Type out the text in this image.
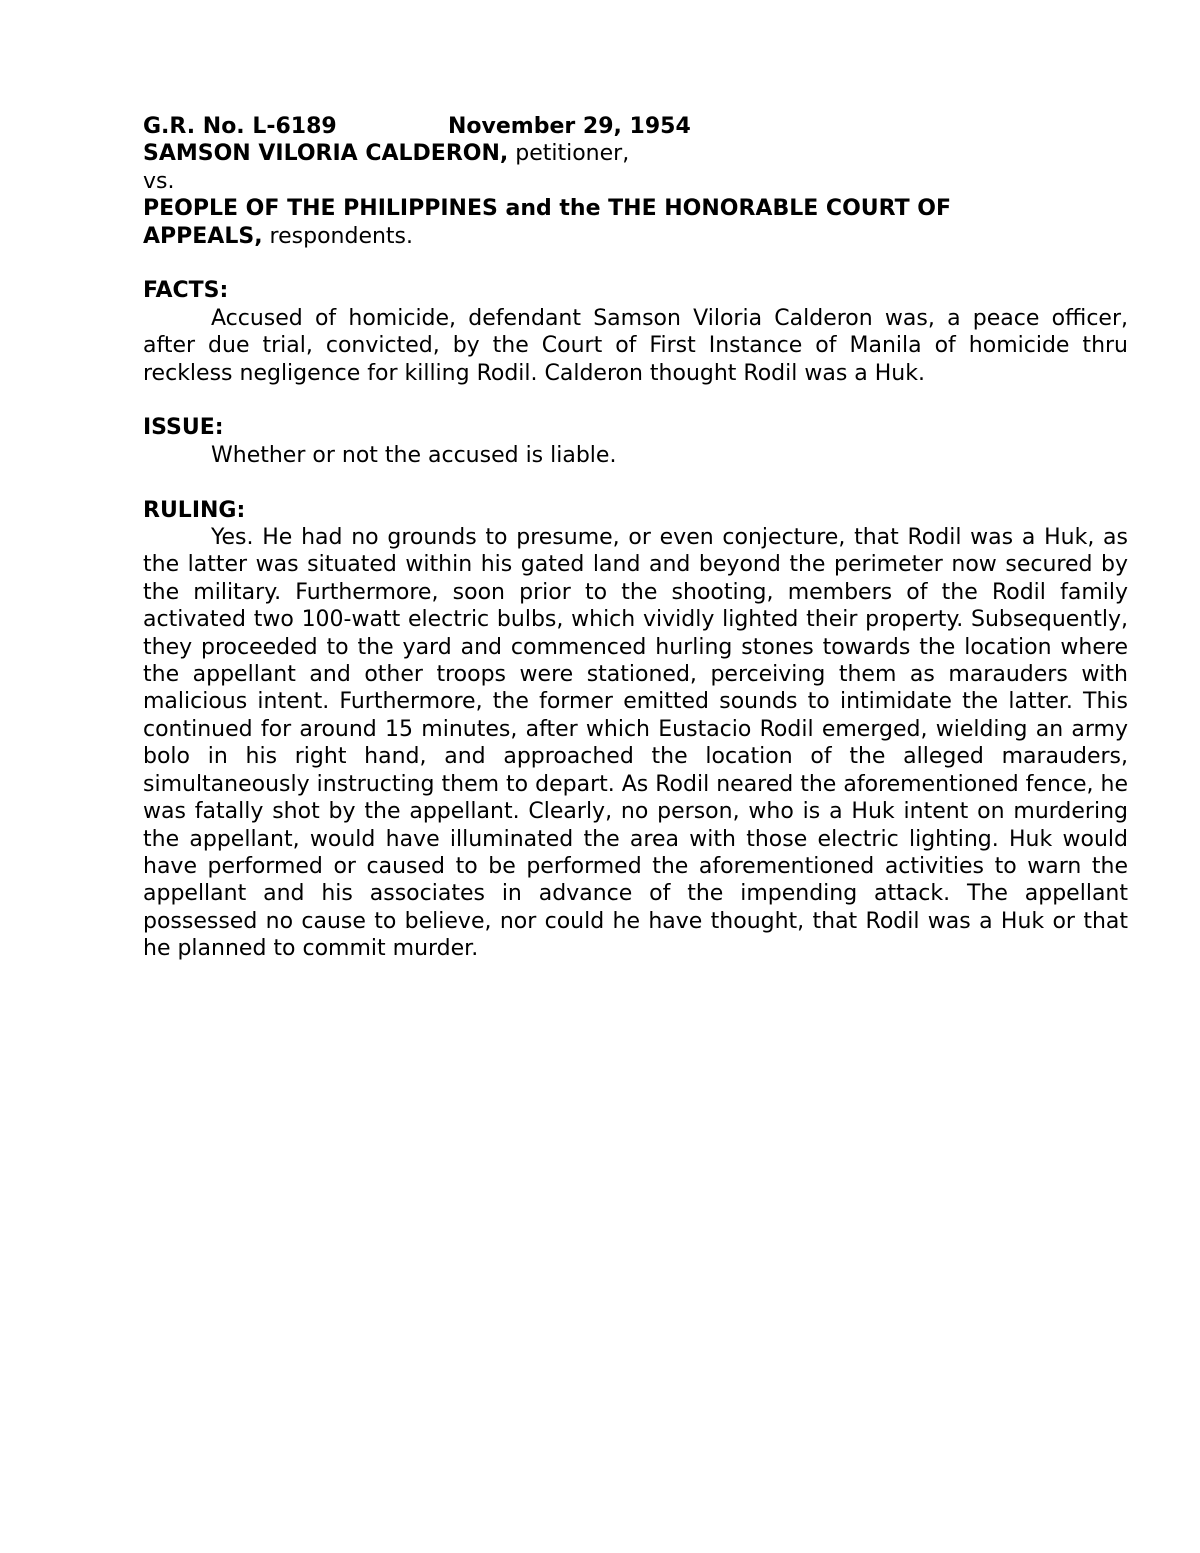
G.R. No. L-6189	November 29, 1954
SAMSON VILORIA CALDERON, petitioner,
vs.
PEOPLE OF THE PHILIPPINES and the THE HONORABLE COURT OF
APPEALS, respondents.

FACTS:

Accused of homicide, defendant Samson Viloria Calderon was, a peace officer, after due trial, convicted, by the Court of First Instance of Manila of homicide thru reckless negligence for killing Rodil. Calderon thought Rodil was a Huk.

ISSUE:

Whether or not the accused is liable.

RULING:

Yes. He had no grounds to presume, or even conjecture, that Rodil was a Huk, as the latter was situated within his gated land and beyond the perimeter now secured by the military. Furthermore, soon prior to the shooting, members of the Rodil family activated two 100-watt electric bulbs, which vividly lighted their property. Subsequently, they proceeded to the yard and commenced hurling stones towards the location where the appellant and other troops were stationed, perceiving them as marauders with malicious intent. Furthermore, the former emitted sounds to intimidate the latter. This continued for around 15 minutes, after which Eustacio Rodil emerged, wielding an army bolo in his right hand, and approached the location of the alleged marauders, simultaneously instructing them to depart. As Rodil neared the aforementioned fence, he was fatally shot by the appellant. Clearly, no person, who is a Huk intent on murdering the appellant, would have illuminated the area with those electric lighting. Huk would have performed or caused to be performed the aforementioned activities to warn the appellant and his associates in advance of the impending attack. The appellant possessed no cause to believe, nor could he have thought, that Rodil was a Huk or that he planned to commit murder.
